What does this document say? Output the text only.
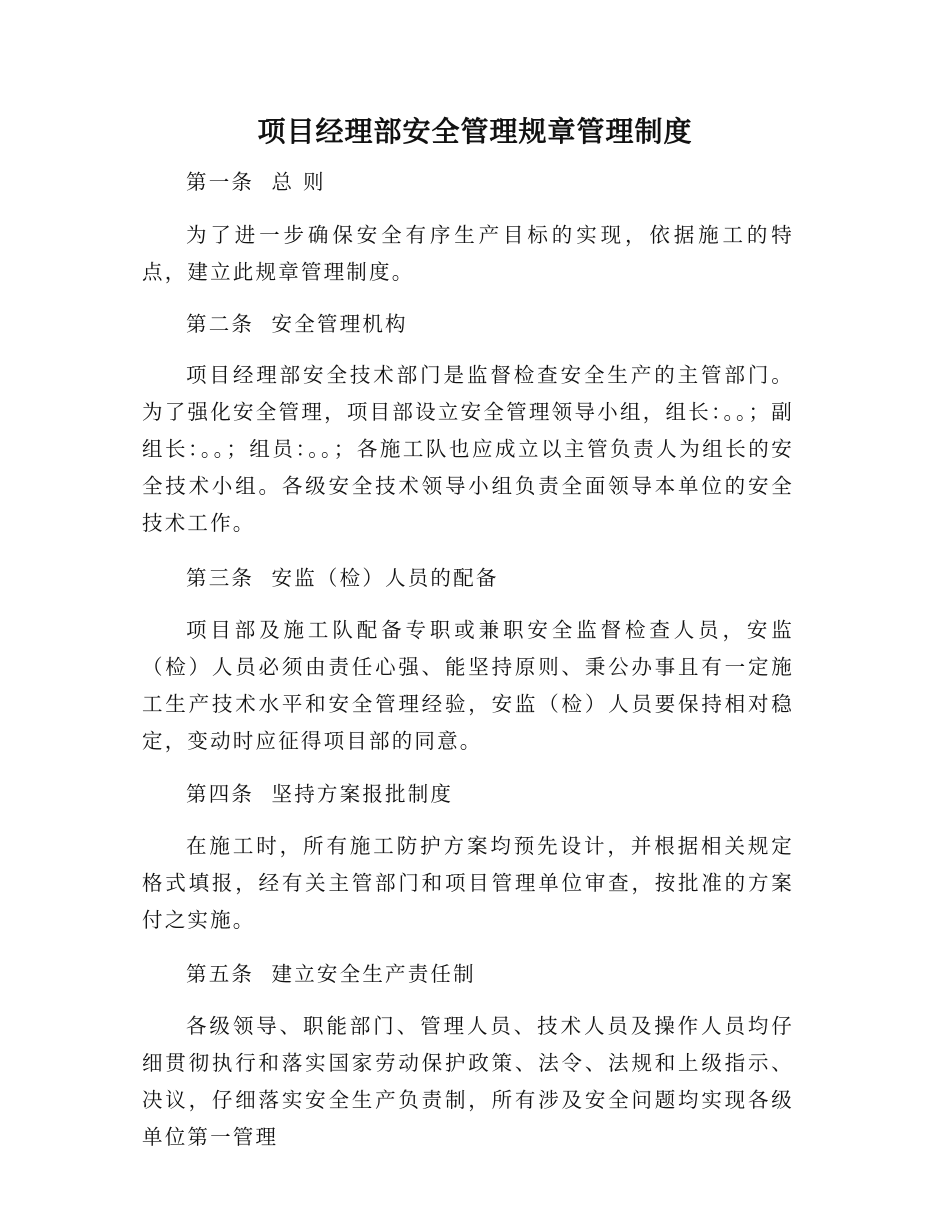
项目经理部安全管理规章管理制度

第一条  总 则

为了进一步确保安全有序生产目标的实现，依据施工的特点，建立此规章管理制度。

第二条  安全管理机构

项目经理部安全技术部门是监督检查安全生产的主管部门。为了强化安全管理，项目部设立安全管理领导小组，组长：。。；副组长：。。；组员：。。；各施工队也应成立以主管负责人为组长的安全技术小组。各级安全技术领导小组负责全面领导本单位的安全技术工作。

第三条  安监（检）人员的配备

项目部及施工队配备专职或兼职安全监督检查人员，安监（检）人员必须由责任心强、能坚持原则、秉公办事且有一定施工生产技术水平和安全管理经验，安监（检）人员要保持相对稳定，变动时应征得项目部的同意。

第四条  坚持方案报批制度

在施工时，所有施工防护方案均预先设计，并根据相关规定格式填报，经有关主管部门和项目管理单位审查，按批准的方案付之实施。

第五条  建立安全生产责任制

各级领导、职能部门、管理人员、技术人员及操作人员均仔细贯彻执行和落实国家劳动保护政策、法令、法规和上级指示、决议，仔细落实安全生产负责制，所有涉及安全问题均实现各级单位第一管理
